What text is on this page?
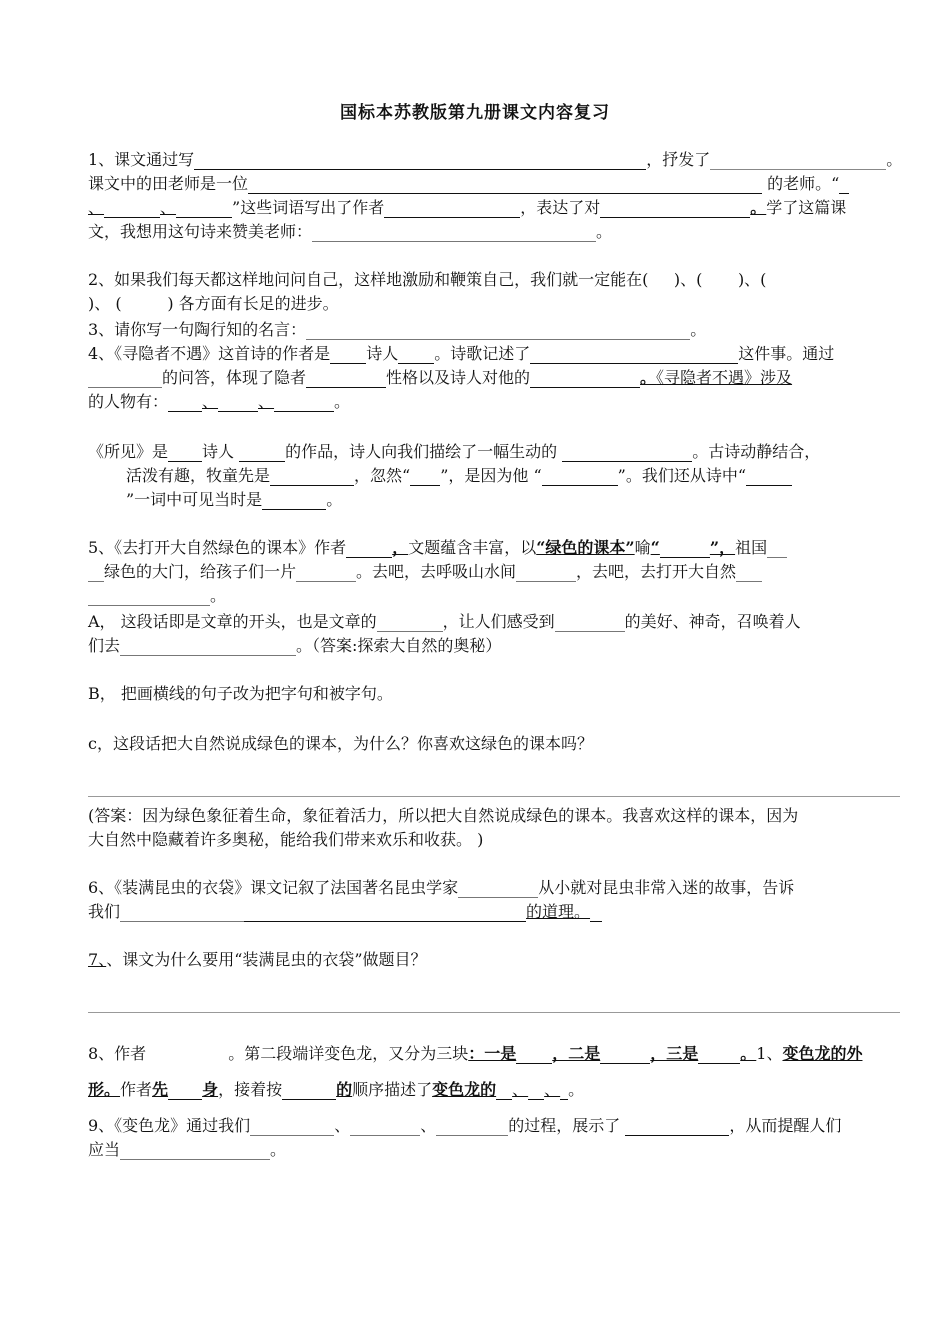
国标本苏教版第九册课文内容复习
1、课文通过写	，抒发了	。
课文中的田老师是一位	的老师。“
、	、	”这些词语写出了作者	，表达了对	。学了这篇课
文，我想用这句诗来赞美老师：	。
2、如果我们每天都这样地问问自己，这样地激励和鞭策自己，我们就一定能在(     )、(       )、(
)、 (         ) 各方面有长足的进步。
3、请你写一句陶行知的名言：	。
4、《寻隐者不遇》这首诗的作者是 诗人 。诗歌记述了	这件事。通过
的问答，体现了隐者	性格以及诗人对他的	。《寻隐者不遇》涉及
的人物有： 、	、	。
《所见》是 诗人	的作品，诗人向我们描绘了一幅生动的	。古诗动静结合，
活泼有趣，牧童先是	，忽然“ ”，是因为他 “	”。我们还从诗中“
”一词中可见当时是	。
5、《去打开大自然绿色的课本》作者	，文题蕴含丰富，以“绿色的课本”喻“	”，祖国
绿色的大门，给孩子们一片	。去吧，去呼吸山水间	，去吧，去打开大自然
。
A， 这段话即是文章的开头，也是文章的	，让人们感受到	的美好、神奇，召唤着人
们去	。（答案:探索大自然的奥秘）
B， 把画横线的句子改为把字句和被字句。
c，这段话把大自然说成绿色的课本，为什么？你喜欢这绿色的课本吗？
(答案：因为绿色象征着生命，象征着活力，所以把大自然说成绿色的课本。我喜欢这样的课本，因为
大自然中隐藏着许多奥秘，能给我们带来欢乐和收获。 )
6、《装满昆虫的衣袋》课文记叙了法国著名昆虫学家	从小就对昆虫非常入迷的故事，告诉
我们	的道理。
7、、课文为什么要用“装满昆虫的衣袋”做题目？
8、作者	。第二段端详变色龙，又分为三块：一是 ，二是	，三是	。1、变色龙的外
形。作者先 身，接着按	的顺序描述了变色龙的 、 、 。
9、《变色龙》通过我们	、	、	的过程，展示了	，从而提醒人们
应当	。
